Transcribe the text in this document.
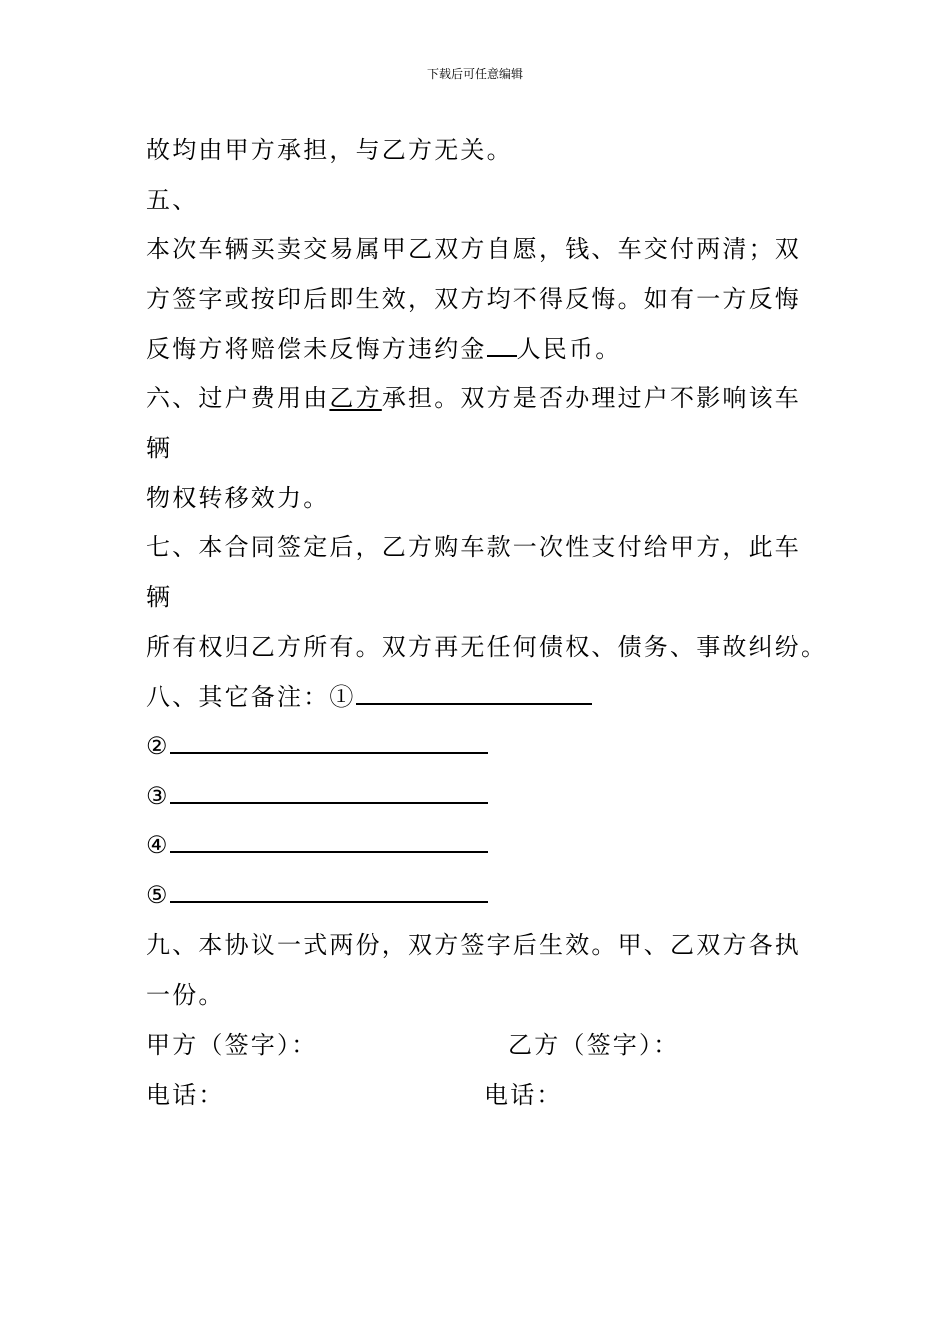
下载后可任意编辑
故均由甲方承担，与乙方无关。
五、
本次车辆买卖交易属甲乙双方自愿，钱、车交付两清；双
方签字或按印后即生效，双方均不得反悔。如有一方反悔
反悔方将赔偿未反悔方违约金 人民币。
六、过户费用由乙方承担。双方是否办理过户不影响该车
辆
物权转移效力。
七、本合同签定后，乙方购车款一次性支付给甲方，此车
辆
所有权归乙方所有。双方再无任何债权、债务、事故纠纷。
八、其它备注：①
②
③
④
⑤
九、本协议一式两份，双方签字后生效。甲、乙双方各执
一份。
甲方（签字）：	乙方（签字）：
电话：	电话：
